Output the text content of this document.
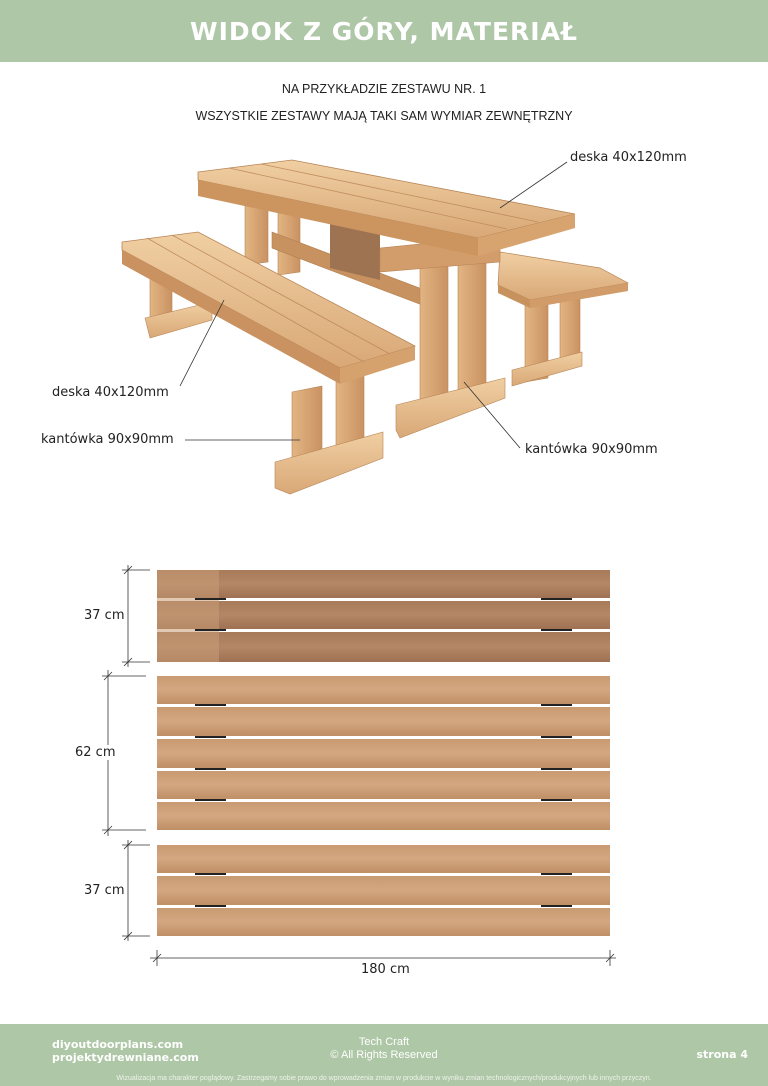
WIDOK Z GÓRY, MATERIAŁ
NA PRZYKŁADZIE ZESTAWU NR. 1
WSZYSTKIE ZESTAWY MAJĄ TAKI SAM WYMIAR ZEWNĘTRZNY
deska 40x120mm
deska 40x120mm
kantówka 90x90mm
kantówka 90x90mm
37 cm
62 cm
37 cm
180 cm
diyoutdoorplans.com
projektydrewniane.com
Tech Craft
© All Rights Reserved	strona 4
Wizualizacja ma charakter poglądowy. Zastrzegamy sobie prawo do wprowadzenia zmian w produkcie w wyniku zmian technologicznych/produkcyjnych lub innych przyczyn.
